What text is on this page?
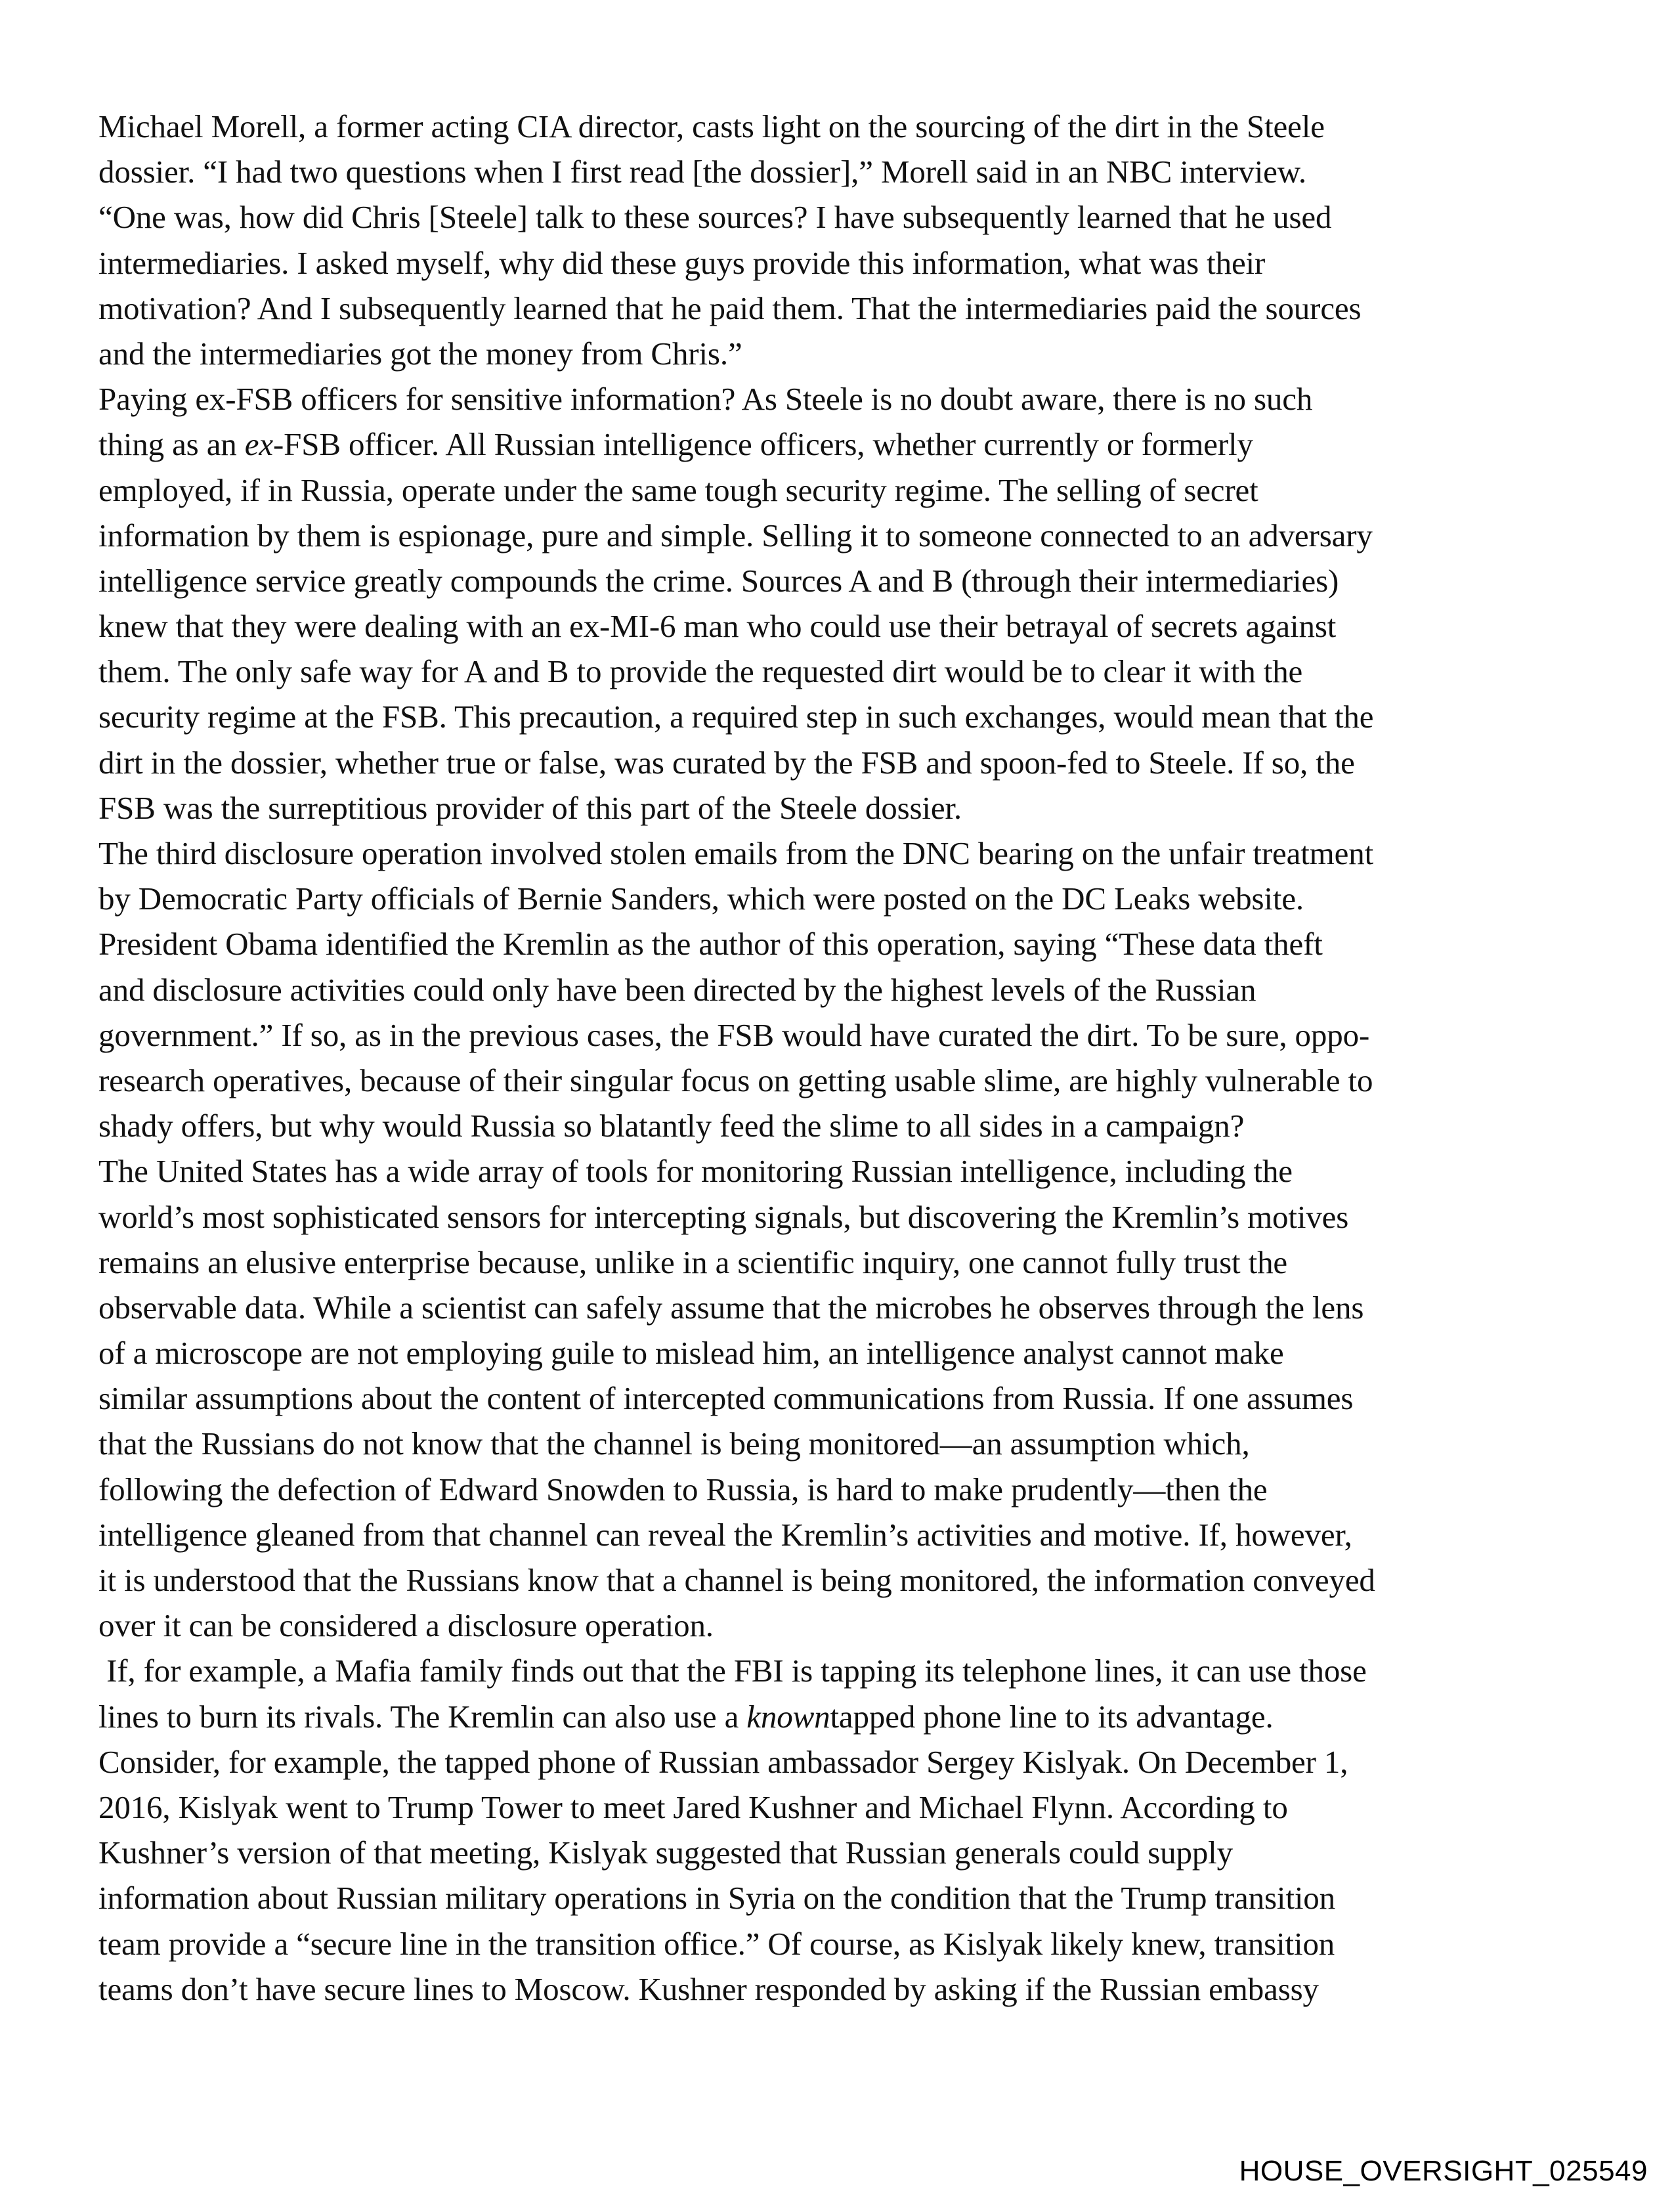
Michael Morell, a former acting CIA director, casts light on the sourcing of the dirt in the Steele
dossier. “I had two questions when I first read [the dossier],” Morell said in an NBC interview.
“One was, how did Chris [Steele] talk to these sources? I have subsequently learned that he used
intermediaries. I asked myself, why did these guys provide this information, what was their
motivation? And I subsequently learned that he paid them. That the intermediaries paid the sources
and the intermediaries got the money from Chris.”
Paying ex-FSB officers for sensitive information? As Steele is no doubt aware, there is no such
thing as an ex-FSB officer. All Russian intelligence officers, whether currently or formerly
employed, if in Russia, operate under the same tough security regime. The selling of secret
information by them is espionage, pure and simple. Selling it to someone connected to an adversary
intelligence service greatly compounds the crime. Sources A and B (through their intermediaries)
knew that they were dealing with an ex-MI-6 man who could use their betrayal of secrets against
them. The only safe way for A and B to provide the requested dirt would be to clear it with the
security regime at the FSB. This precaution, a required step in such exchanges, would mean that the
dirt in the dossier, whether true or false, was curated by the FSB and spoon-fed to Steele. If so, the
FSB was the surreptitious provider of this part of the Steele dossier.
The third disclosure operation involved stolen emails from the DNC bearing on the unfair treatment
by Democratic Party officials of Bernie Sanders, which were posted on the DC Leaks website.
President Obama identified the Kremlin as the author of this operation, saying “These data theft
and disclosure activities could only have been directed by the highest levels of the Russian
government.” If so, as in the previous cases, the FSB would have curated the dirt. To be sure, oppo-
research operatives, because of their singular focus on getting usable slime, are highly vulnerable to
shady offers, but why would Russia so blatantly feed the slime to all sides in a campaign?
The United States has a wide array of tools for monitoring Russian intelligence, including the
world’s most sophisticated sensors for intercepting signals, but discovering the Kremlin’s motives
remains an elusive enterprise because, unlike in a scientific inquiry, one cannot fully trust the
observable data. While a scientist can safely assume that the microbes he observes through the lens
of a microscope are not employing guile to mislead him, an intelligence analyst cannot make
similar assumptions about the content of intercepted communications from Russia. If one assumes
that the Russians do not know that the channel is being monitored—an assumption which,
following the defection of Edward Snowden to Russia, is hard to make prudently—then the
intelligence gleaned from that channel can reveal the Kremlin’s activities and motive. If, however,
it is understood that the Russians know that a channel is being monitored, the information conveyed
over it can be considered a disclosure operation.
If, for example, a Mafia family finds out that the FBI is tapping its telephone lines, it can use those
lines to burn its rivals. The Kremlin can also use a knowntapped phone line to its advantage.
Consider, for example, the tapped phone of Russian ambassador Sergey Kislyak. On December 1,
2016, Kislyak went to Trump Tower to meet Jared Kushner and Michael Flynn. According to
Kushner’s version of that meeting, Kislyak suggested that Russian generals could supply
information about Russian military operations in Syria on the condition that the Trump transition
team provide a “secure line in the transition office.” Of course, as Kislyak likely knew, transition
teams don’t have secure lines to Moscow. Kushner responded by asking if the Russian embassy
HOUSE_OVERSIGHT_025549
